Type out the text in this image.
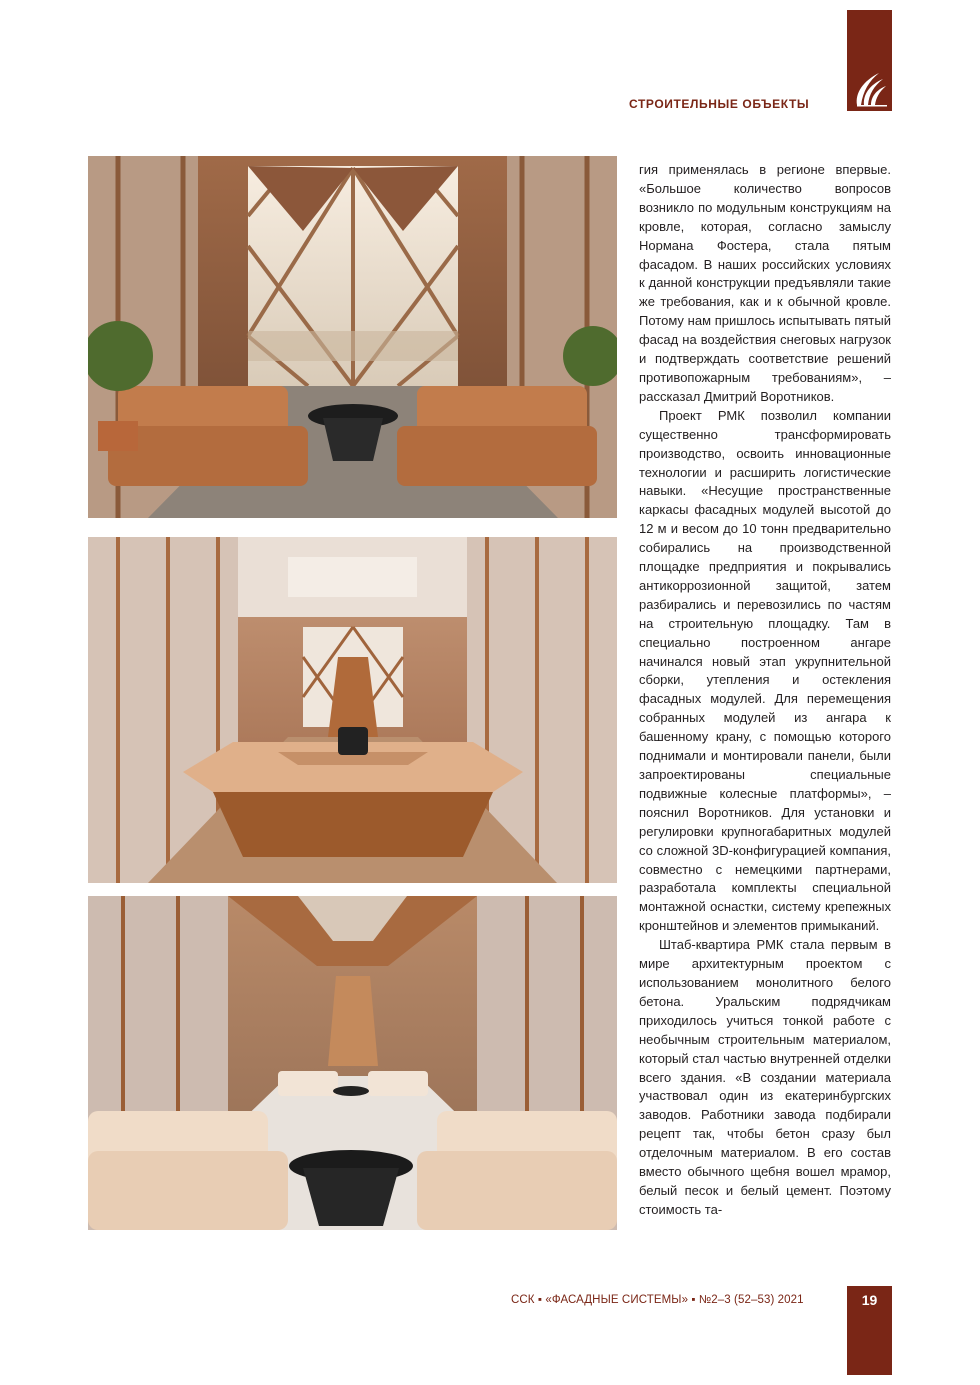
СТРОИТЕЛЬНЫЕ ОБЪЕКТЫ

гия применялась в регионе впервые. «Большое количество вопросов возникло по модульным конструкциям на кровле, которая, согласно замыслу Нормана Фостера, стала пятым фасадом. В наших российских условиях к данной конструкции предъявляли такие же требования, как и к обычной кровле. Потому нам пришлось испытывать пятый фасад на воздействия снеговых нагрузок и подтверждать соответствие решений противопожарным требованиям», – рассказал Дмитрий Воротников.

Проект РМК позволил компании существенно трансформировать производство, освоить инновационные технологии и расширить логистические навыки. «Несущие пространственные каркасы фасадных модулей высотой до 12 м и весом до 10 тонн предварительно собирались на производственной площадке предприятия и покрывались антикоррозионной защитой, затем разбирались и перевозились по частям на строительную площадку. Там в специально построенном ангаре начинался новый этап укрупнительной сборки, утепления и остекления фасадных модулей. Для перемещения собранных модулей из ангара к башенному крану, с помощью которого поднимали и монтировали панели, были запроектированы специальные подвижные колесные платформы», – пояснил Воротников. Для установки и регулировки крупногабаритных модулей со сложной 3D-конфигурацией компания, совместно с немецкими партнерами, разработала комплекты специальной монтажной оснастки, систему крепежных кронштейнов и элементов примыканий.

Штаб-квартира РМК стала первым в мире архитектурным проектом с использованием монолитного белого бетона. Уральским подрядчикам приходилось учиться тонкой работе с необычным строительным материалом, который стал частью внутренней отделки всего здания. «В создании материала участвовал один из екатеринбургских заводов. Работники завода подбирали рецепт так, чтобы бетон сразу был отделочным материалом. В его состав вместо обычного щебня вошел мрамор, белый песок и белый цемент. Поэтому стоимость та-

ССК ▪ «ФАСАДНЫЕ СИСТЕМЫ» ▪ №2–3 (52–53) 2021	19
